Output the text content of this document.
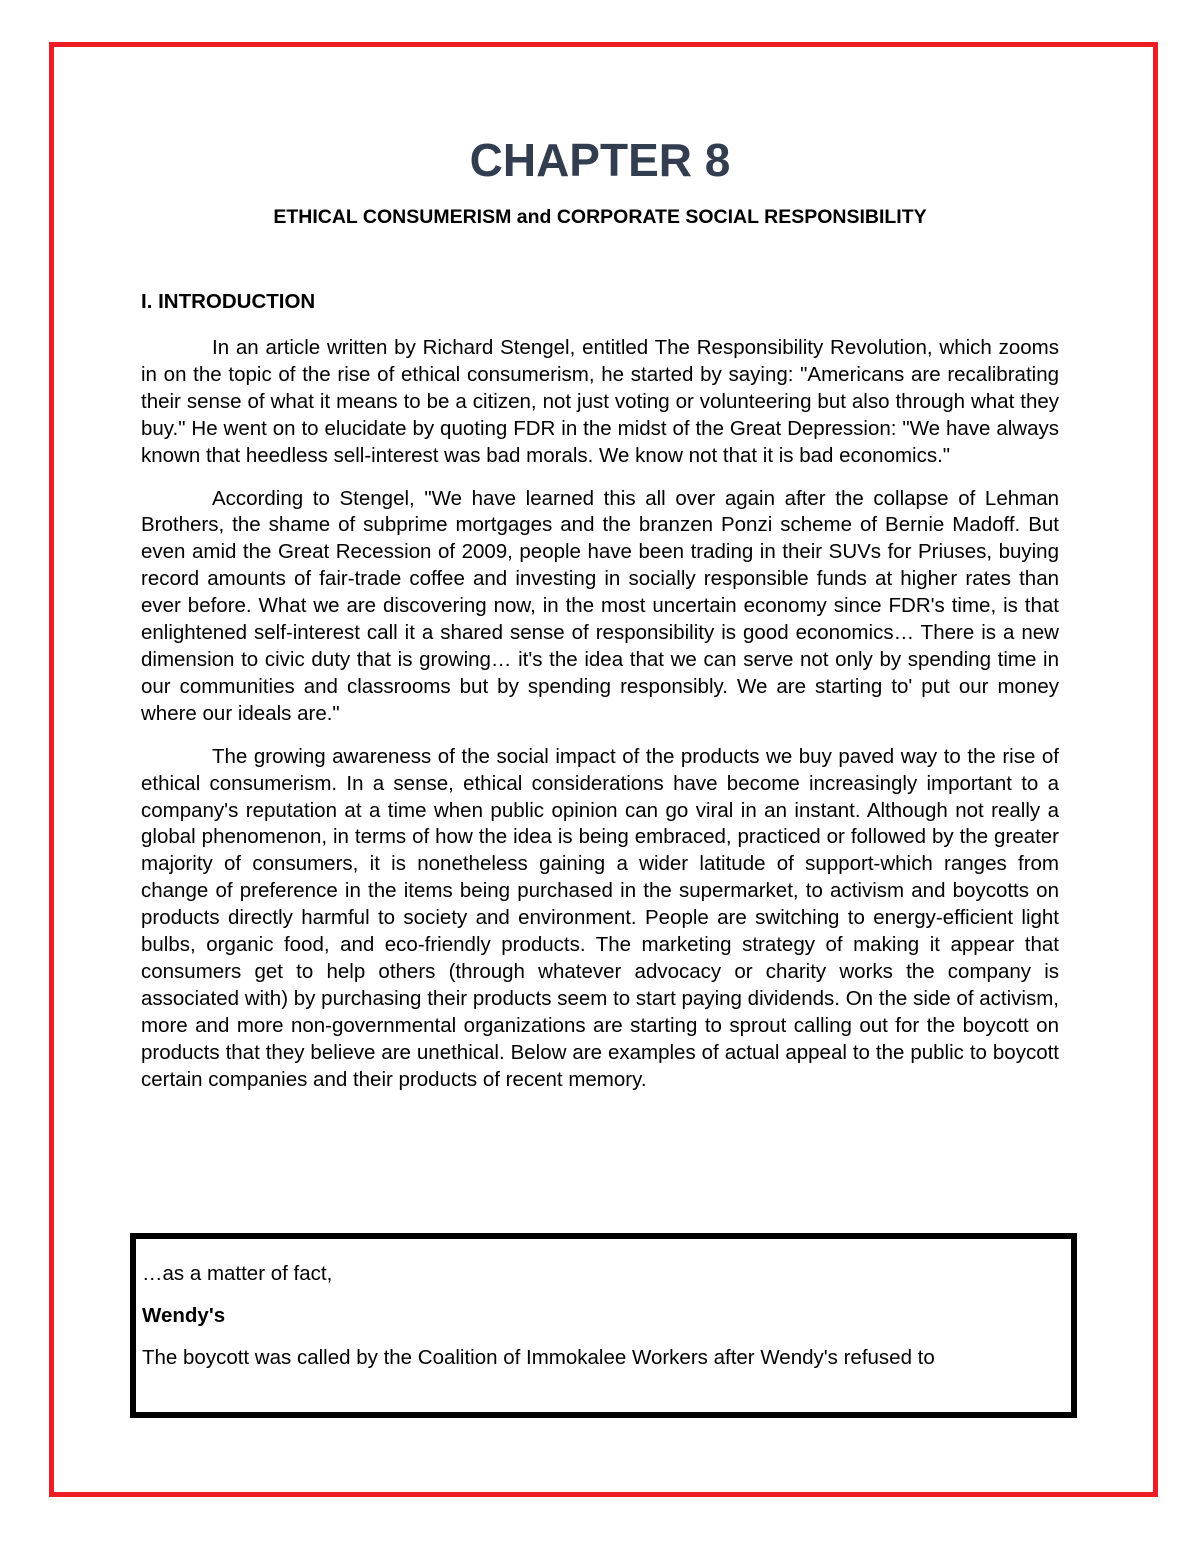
CHAPTER 8
ETHICAL CONSUMERISM and CORPORATE SOCIAL RESPONSIBILITY
I. INTRODUCTION

In an article written by Richard Stengel, entitled The Responsibility Revolution, which zooms in on the topic of the rise of ethical consumerism, he started by saying: "Americans are recalibrating their sense of what it means to be a citizen, not just voting or volunteering but also through what they buy." He went on to elucidate by quoting FDR in the midst of the Great Depression: "We have always known that heedless sell-interest was bad morals. We know not that it is bad economics."

According to Stengel, "We have learned this all over again after the collapse of Lehman Brothers, the shame of subprime mortgages and the branzen Ponzi scheme of Bernie Madoff. But even amid the Great Recession of 2009, people have been trading in their SUVs for Priuses, buying record amounts of fair-trade coffee and investing in socially responsible funds at higher rates than ever before. What we are discovering now, in the most uncertain economy since FDR's time, is that enlightened self-interest call it a shared sense of responsibility is good economics… There is a new dimension to civic duty that is growing… it's the idea that we can serve not only by spending time in our communities and classrooms but by spending responsibly. We are starting to' put our money where our ideals are."

The growing awareness of the social impact of the products we buy paved way to the rise of ethical consumerism. In a sense, ethical considerations have become increasingly important to a company's reputation at a time when public opinion can go viral in an instant. Although not really a global phenomenon, in terms of how the idea is being embraced, practiced or followed by the greater majority of consumers, it is nonetheless gaining a wider latitude of support-which ranges from change of preference in the items being purchased in the supermarket, to activism and boycotts on products directly harmful to society and environment. People are switching to energy-efficient light bulbs, organic food, and eco-friendly products. The marketing strategy of making it appear that consumers get to help others (through whatever advocacy or charity works the company is associated with) by purchasing their products seem to start paying dividends. On the side of activism, more and more non-governmental organizations are starting to sprout calling out for the boycott on products that they believe are unethical. Below are examples of actual appeal to the public to boycott certain companies and their products of recent memory.

…as a matter of fact,

Wendy's

The boycott was called by the Coalition of Immokalee Workers after Wendy's refused to
